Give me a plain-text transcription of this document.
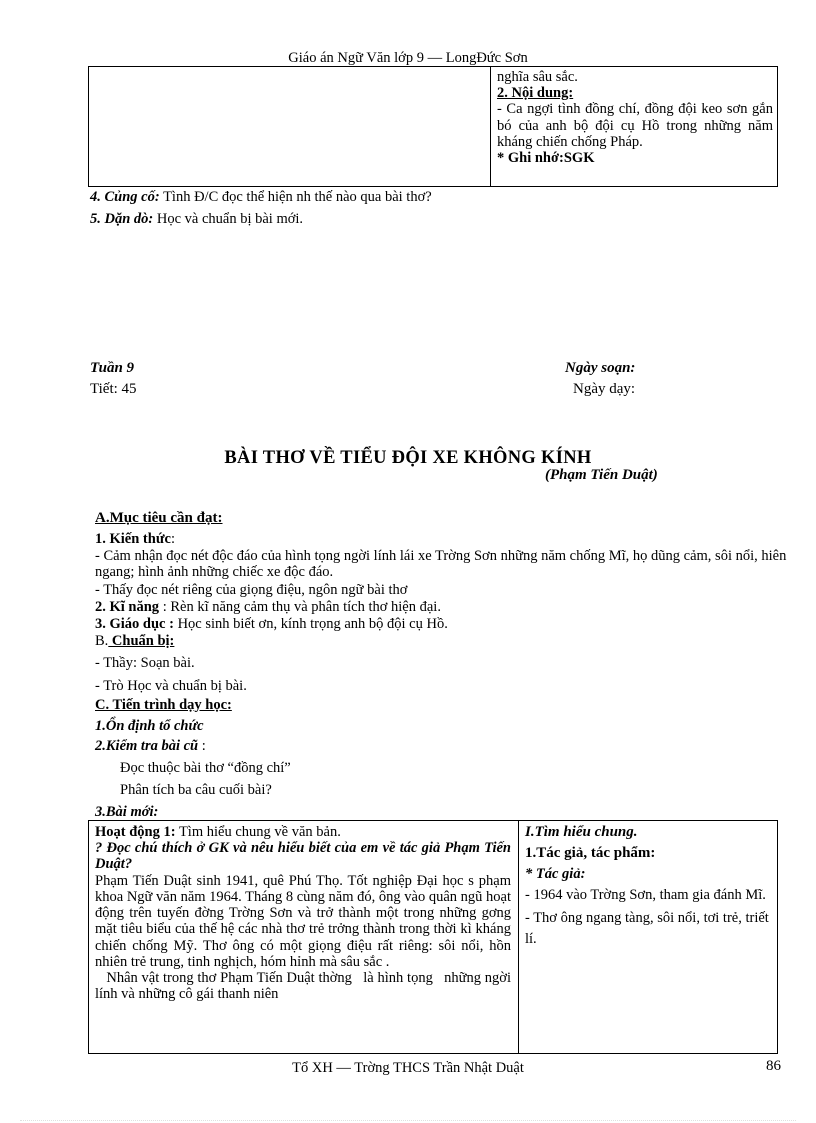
Giáo án Ngữ Văn lớp 9 — LongĐức Sơn

nghĩa sâu sắc.

2. Nội dung:

- Ca ngợi tình đồng chí, đồng đội keo sơn gắn bó của anh bộ đội cụ Hồ trong những năm kháng chiến chống Pháp.

* Ghi nhớ:SGK

4. Củng cố: Tình Đ/C đọc thể hiện nh thế nào qua bài thơ?
5. Dặn dò: Học và chuẩn bị bài mới.
Tuần 9
Tiết: 45
Ngày soạn:
Ngày dạy:
BÀI THƠ VỀ TIỂU ĐỘI XE KHÔNG KÍNH
(Phạm Tiến Duật)
A.Mục tiêu cần đạt:
1. Kiến thức:
- Cảm nhận đọc nét độc đáo của hình tọng ngời lính lái xe Trờng Sơn những năm chống Mĩ, họ dũng cảm, sôi nổi, hiên ngang; hình ảnh những chiếc xe độc đáo.
- Thấy đọc nét riêng của giọng điệu, ngôn ngữ bài thơ
2. Kĩ năng : Rèn kĩ năng cảm thụ và phân tích thơ hiện đại.
3. Giáo dục : Học sinh biết ơn, kính trọng anh bộ đội cụ Hồ.
B. Chuẩn bị:
- Thầy: Soạn bài.
- Trò Học và chuẩn bị bài.
C. Tiến trình dạy học:
1.Ổn định tổ chức
2.Kiểm tra bài cũ :
Đọc thuộc bài thơ “đồng chí”
Phân tích ba câu cuối bài?
3.Bài mới:

Hoạt động 1: Tìm hiểu chung về văn bản.

? Đọc chú thích ở GK và nêu hiểu biết của em về tác giả Phạm Tiến Duật?

Phạm Tiến Duật sinh 1941, quê Phú Thọ. Tốt nghiệp Đại học s phạm khoa Ngữ văn năm 1964. Tháng 8 cùng năm đó, ông vào quân ngũ hoạt động trên tuyến đờng Trờng Sơn và trở thành một trong những gơng mặt tiêu biểu của thế hệ các nhà thơ trẻ trởng thành trong thời kì kháng chiến chống Mỹ. Thơ ông có một giọng điệu rất riêng: sôi nổi, hồn nhiên trẻ trung, tinh nghịch, hóm hỉnh mà sâu sắc .

Nhân vật trong thơ Phạm Tiến Duật thờng   là hình tọng   những ngời   lính và những cô gái thanh niên

I.Tìm hiểu chung.

1.Tác giả, tác phẩm:

* Tác giả:

- 1964 vào Trờng Sơn, tham gia đánh Mĩ.

- Thơ ông ngang tàng, sôi nổi, tơi trẻ, triết lí.

Tổ XH — Trờng THCS Trần Nhật Duật	86
